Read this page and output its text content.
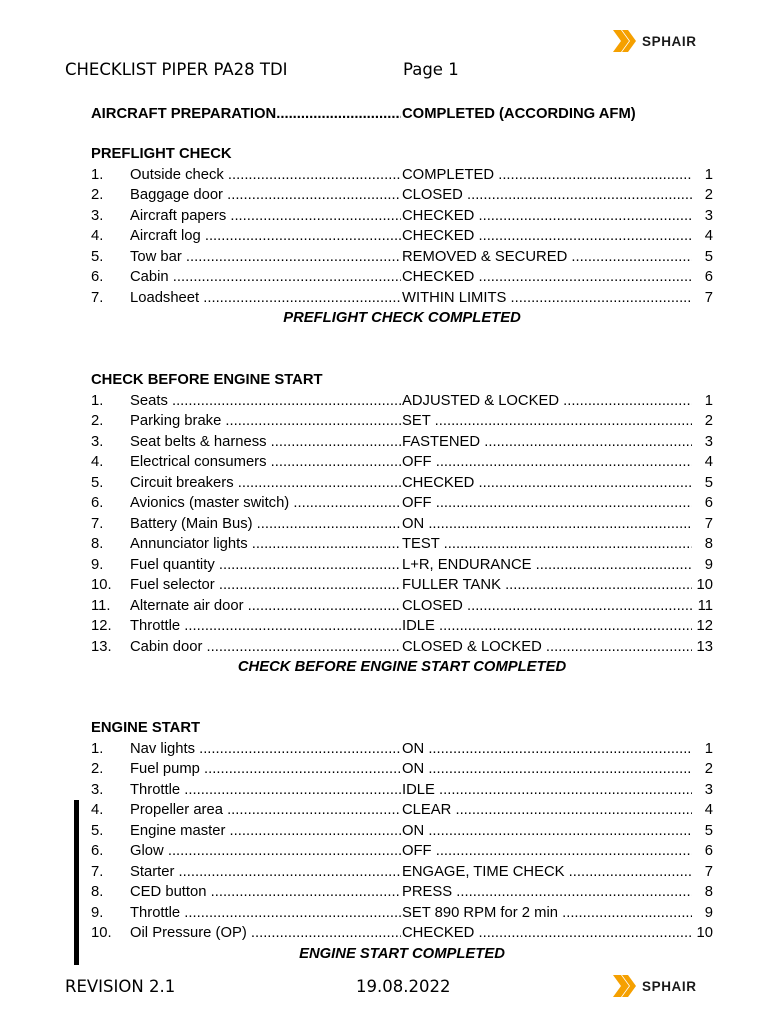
SPHAIR
CHECKLIST PIPER PA28 TDI	Page 1
AIRCRAFT PREPARATION .....	COMPLETED (ACCORDING AFM)
PREFLIGHT CHECK
1.	Outside check .....	COMPLETED .....	1
2.	Baggage door .....	CLOSED .....	2
3.	Aircraft papers .....	CHECKED .....	3
4.	Aircraft log .....	CHECKED .....	4
5.	Tow bar .....	REMOVED & SECURED .....	5
6.	Cabin .....	CHECKED .....	6
7.	Loadsheet .....	WITHIN LIMITS .....	7
PREFLIGHT CHECK COMPLETED
CHECK BEFORE ENGINE START
1.	Seats .....	ADJUSTED & LOCKED .....	1
2.	Parking brake .....	SET .....	2
3.	Seat belts & harness .....	FASTENED .....	3
4.	Electrical consumers .....	OFF .....	4
5.	Circuit breakers .....	CHECKED .....	5
6.	Avionics (master switch) .....	OFF .....	6
7.	Battery (Main Bus) .....	ON .....	7
8.	Annunciator lights .....	TEST .....	8
9.	Fuel quantity .....	L+R, ENDURANCE .....	9
10.	Fuel selector .....	FULLER TANK .....	10
11.	Alternate air door .....	CLOSED .....	11
12.	Throttle .....	IDLE .....	12
13.	Cabin door .....	CLOSED & LOCKED .....	13
CHECK BEFORE ENGINE START COMPLETED
ENGINE START
1.	Nav lights .....	ON .....	1
2.	Fuel pump .....	ON .....	2
3.	Throttle .....	IDLE .....	3
4.	Propeller area .....	CLEAR .....	4
5.	Engine master .....	ON .....	5
6.	Glow .....	OFF .....	6
7.	Starter .....	ENGAGE, TIME CHECK .....	7
8.	CED button .....	PRESS .....	8
9.	Throttle .....	SET 890 RPM for 2 min .....	9
10.	Oil Pressure (OP) .....	CHECKED .....	10
ENGINE START COMPLETED
REVISION 2.1	19.08.2022	SPHAIR
